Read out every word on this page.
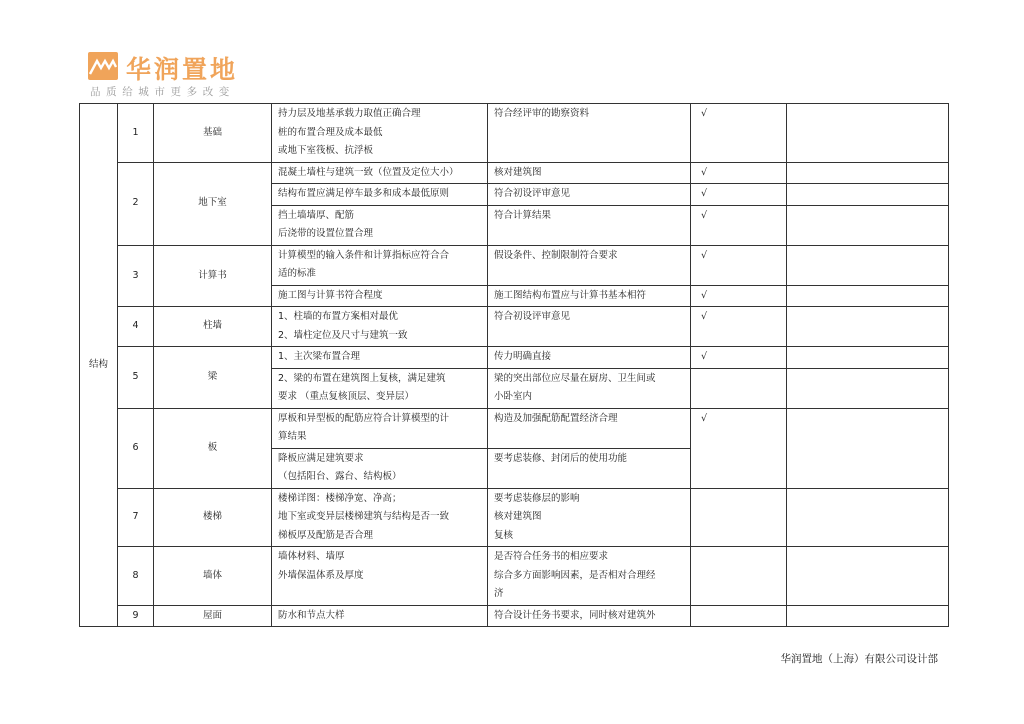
华润置地
品质给城市更多改变
结构	1	基础	持力层及地基承载力取值正确合理
桩的布置合理及成本最低
或地下室筏板、抗浮板	符合经评审的勘察资料	√	
	2	地下室	混凝土墙柱与建筑一致（位置及定位大小）	核对建筑图	√	

			结构布置应满足停车最多和成本最低原则	符合初设评审意见	√	

			挡土墙墙厚、配筋
后浇带的设置位置合理	符合计算结果	√	
	3	计算书	计算模型的输入条件和计算指标应符合合
适的标准	假设条件、控制限制符合要求	√	

			施工图与计算书符合程度	施工图结构布置应与计算书基本相符	√	
	4	柱墙	1、柱墙的布置方案相对最优
2、墙柱定位及尺寸与建筑一致	符合初设评审意见	√	
	5	梁	1、主次梁布置合理	传力明确直接	√	

			2、梁的布置在建筑图上复核，满足建筑
要求 （重点复核顶层、变异层）	梁的突出部位应尽量在厨房、卫生间或
小卧室内		

	6	板	厚板和异型板的配筋应符合计算模型的计
算结果	构造及加强配筋配置经济合理	√	

			降板应满足建筑要求
（包括阳台、露台、结构板）	要考虑装修、封闭后的使用功能		

	7	楼梯	楼梯详图：楼梯净宽、净高；
地下室或变异层楼梯建筑与结构是否一致
梯板厚及配筋是否合理	要考虑装修层的影响
核对建筑图
复核		

	8	墙体	墙体材料、墙厚
外墙保温体系及厚度	是否符合任务书的相应要求
综合多方面影响因素，是否相对合理经
济		

	9	屋面	防水和节点大样	符合设计任务书要求，同时核对建筑外		

华润置地（上海）有限公司设计部
